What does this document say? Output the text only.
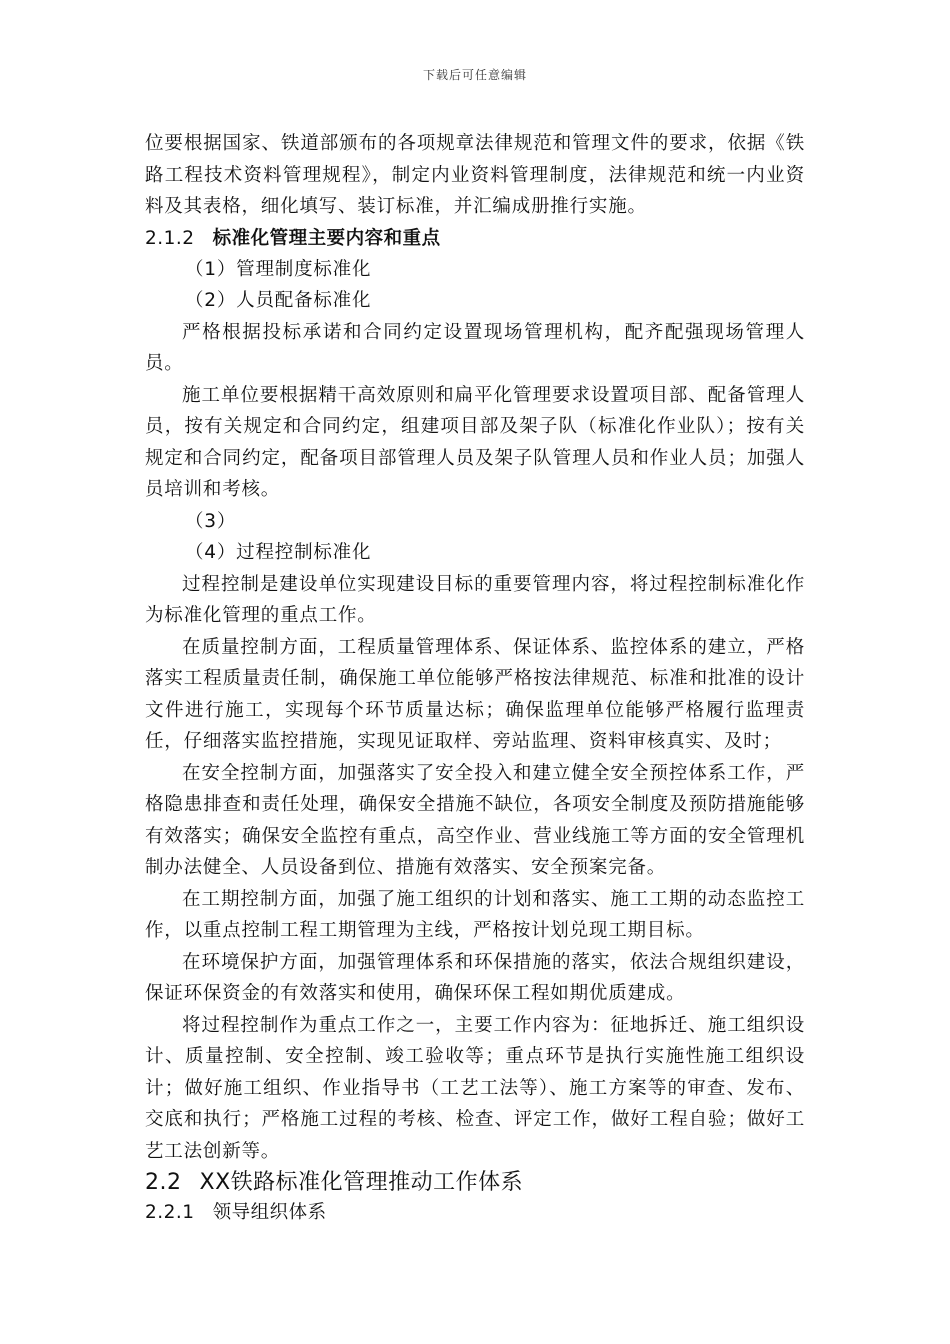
下载后可任意编辑

位要根据国家、铁道部颁布的各项规章法律规范和管理文件的要求，依据《铁路工程技术资料管理规程》，制定内业资料管理制度，法律规范和统一内业资料及其表格，细化填写、装订标准，并汇编成册推行实施。

2.1.2 标准化管理主要内容和重点

（1）管理制度标准化

（2）人员配备标准化

严格根据投标承诺和合同约定设置现场管理机构，配齐配强现场管理人员。

施工单位要根据精干高效原则和扁平化管理要求设置项目部、配备管理人员，按有关规定和合同约定，组建项目部及架子队（标准化作业队）；按有关规定和合同约定，配备项目部管理人员及架子队管理人员和作业人员；加强人员培训和考核。

（3）

（4）过程控制标准化

过程控制是建设单位实现建设目标的重要管理内容，将过程控制标准化作为标准化管理的重点工作。

在质量控制方面，工程质量管理体系、保证体系、监控体系的建立，严格落实工程质量责任制，确保施工单位能够严格按法律规范、标准和批准的设计文件进行施工，实现每个环节质量达标；确保监理单位能够严格履行监理责任，仔细落实监控措施，实现见证取样、旁站监理、资料审核真实、及时；

在安全控制方面，加强落实了安全投入和建立健全安全预控体系工作，严格隐患排查和责任处理，确保安全措施不缺位，各项安全制度及预防措施能够有效落实；确保安全监控有重点，高空作业、营业线施工等方面的安全管理机制办法健全、人员设备到位、措施有效落实、安全预案完备。

在工期控制方面，加强了施工组织的计划和落实、施工工期的动态监控工作，以重点控制工程工期管理为主线，严格按计划兑现工期目标。

在环境保护方面，加强管理体系和环保措施的落实，依法合规组织建设，保证环保资金的有效落实和使用，确保环保工程如期优质建成。

将过程控制作为重点工作之一，主要工作内容为：征地拆迁、施工组织设计、质量控制、安全控制、竣工验收等；重点环节是执行实施性施工组织设计；做好施工组织、作业指导书（工艺工法等）、施工方案等的审查、发布、交底和执行；严格施工过程的考核、检查、评定工作，做好工程自验；做好工艺工法创新等。

2.2 XX铁路标准化管理推动工作体系

2.2.1 领导组织体系
